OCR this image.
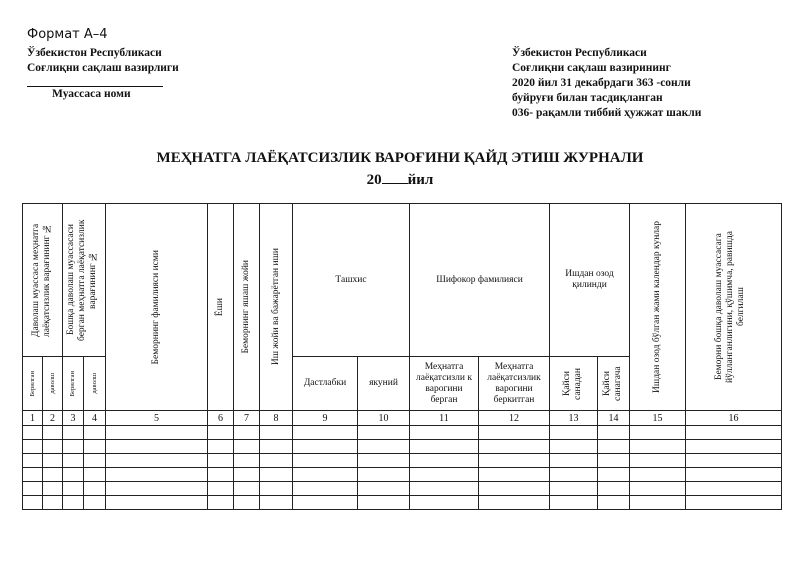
Формат А–4
Ўзбекистон Республикаси
Соғлиқни сақлаш вазирлиги
Муассаса номи
Ўзбекистон Республикаси
Соғлиқни сақлаш вазирининг
2020 йил 31 декабрдаги 363 -сонли
буйруғи билан тасдиқланган
036- рақамли тиббий ҳужжат шакли
МЕҲНАТГА ЛАЁҚАТСИЗЛИК ВАРОҒИНИ ҚАЙД ЭТИШ ЖУРНАЛИ
20 йил
Даволаш муассаса меҳнатга лаёқатсизлик варағининг №		Бошқа даволаш муассасаси берган меҳнатга лаёқатсизлик варағининг №		Беморнинг фамилияси исми	Ёши	Беморнинг яшаш жойи	Иш жойи ва бажарётган иши	Ташхис		Шифокор фамилияси		Ишдан озод қилинди		Ишдан озод бўлган жами календар кунлар	Беморни бошқа даволаш муассасага йўлланганлигини, қўшимча, равишда белгилаш

Берилган	даволш	Берилган	даволш					Дастлабки	якуний	Меҳнатга лаёқатсизли к варогини берган	Меҳнатга лаёқатсизлик варогини беркитган	Қайси санадан	Қайси санагача		

1	2	3	4	5	6	7	8	9	10	11	12	13	14	15	16
